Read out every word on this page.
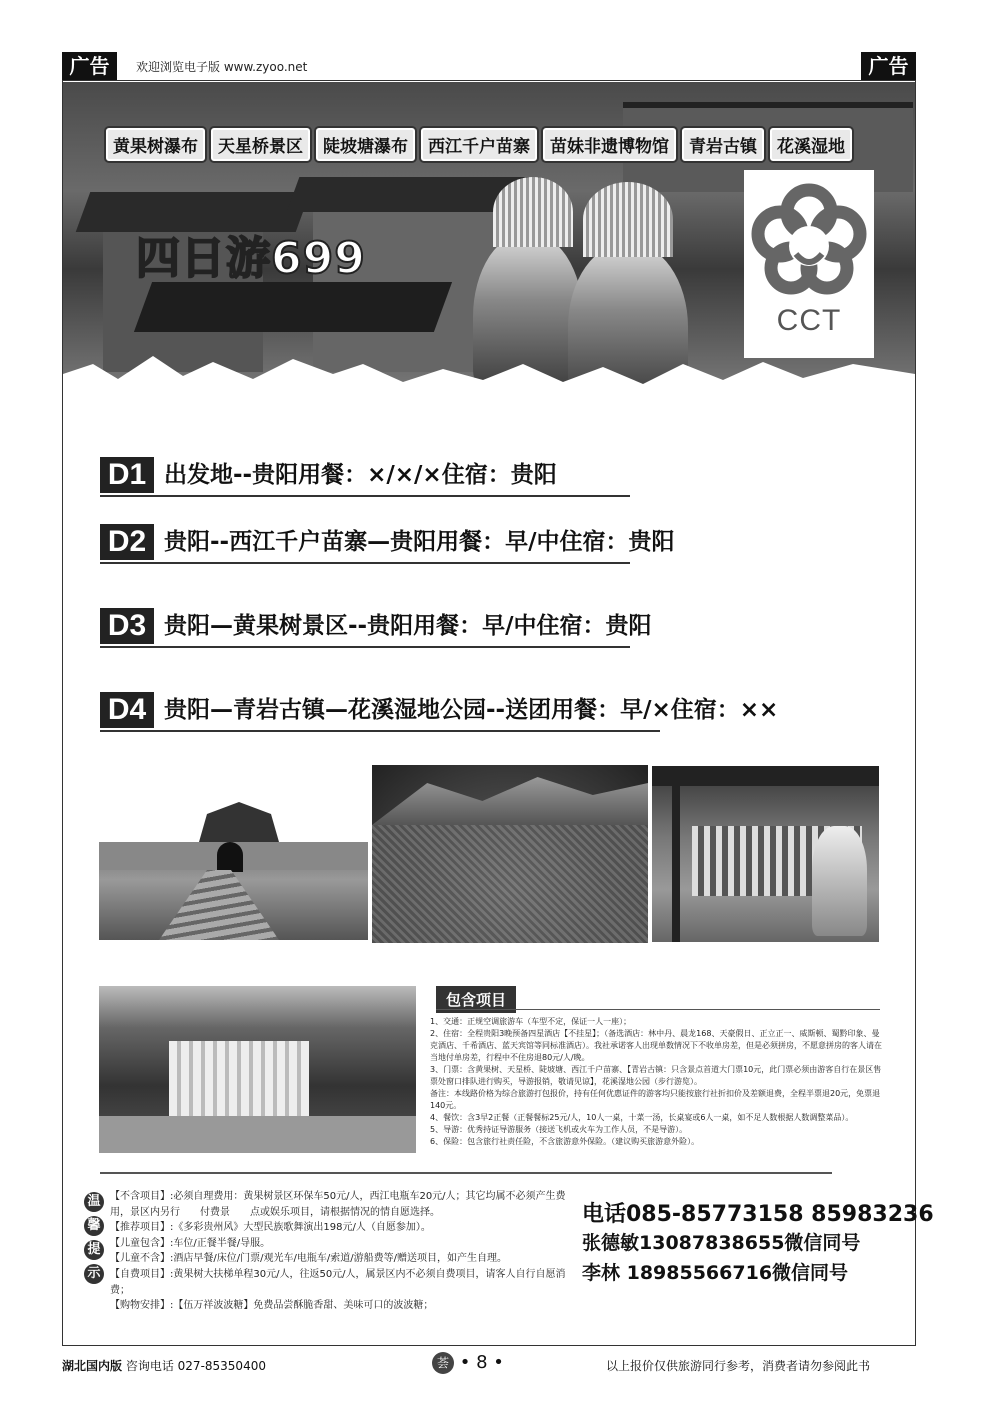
广告	欢迎浏览电子版 www.zyoo.net	广告
黄果树瀑布	天星桥景区	陡坡塘瀑布	西江千户苗寨	苗妹非遗博物馆	青岩古镇	花溪湿地
四日游699
CCT
D1 出发地--贵阳用餐：×/×/×住宿：贵阳
D2 贵阳--西江千户苗寨—贵阳用餐：早/中住宿：贵阳
D3 贵阳—黄果树景区--贵阳用餐：早/中住宿：贵阳
D4 贵阳—青岩古镇—花溪湿地公园--送团用餐：早/×住宿：××
包含项目

1、交通：正规空调旅游车（车型不定，保证一人一座）；

2、住宿：全程贵阳3晚预备四星酒店【不挂星】；（备选酒店：林中丹、晨龙168、天豪假日、正立正一、威斯顿、蜀黔印象、曼克酒店、千希酒店、蓝天宾馆等同标准酒店）。我社承诺客人出现单数情况下不收单房差，但是必须拼房，不愿意拼房的客人请在当地付单房差，行程中不住房退80元/人/晚。

3、门票：含黄果树、天星桥、陡坡塘、西江千户苗寨、【青岩古镇：只含景点首道大门票10元，此门票必须由游客自行在景区售票处窗口排队进行购买，导游报销，敬请见谅】，花溪湿地公园（步行游览）。

备注：本线路价格为综合旅游打包报价，持有任何优惠证件的游客均只能按旅行社折扣价及差额退费，全程半票退20元，免票退140元。

4、餐饮：含3早2正餐（正餐餐标25元/人，10人一桌，十菜一汤，长桌宴或6人一桌，如不足人数根据人数调整菜品）。

5、导游：优秀持证导游服务（接送飞机或火车为工作人员，不是导游）。

6、保险：包含旅行社责任险，不含旅游意外保险。（建议购买旅游意外险）。

温
馨
提
示

【不含项目】:必须自理费用：黄果树景区环保车50元/人，西江电瓶车20元/人；其它均属不必须产生费用，景区内另行　　付费景　　点或娱乐项目，请根据情况的情自愿选择。

【推荐项目】:《多彩贵州风》大型民族歌舞演出198元/人（自愿参加）。

【儿童包含】:车位/正餐半餐/导服。

【儿童不含】:酒店早餐/床位/门票/观光车/电瓶车/索道/游船费等/赠送项目，如产生自理。

【自费项目】:黄果树大扶梯单程30元/人，往返50元/人，属景区内不必须自费项目，请客人自行自愿消费；

【购物安排】:【伍万祥波波糖】免费品尝酥脆香甜、美味可口的波波糖；

电话085-85773158 85983236
张德敏13087838655微信同号
李林 18985566716微信同号
湖北国内版 咨询电话 027-85350400	荟 • 8 •	以上报价仅供旅游同行参考，消费者请勿参阅此书
